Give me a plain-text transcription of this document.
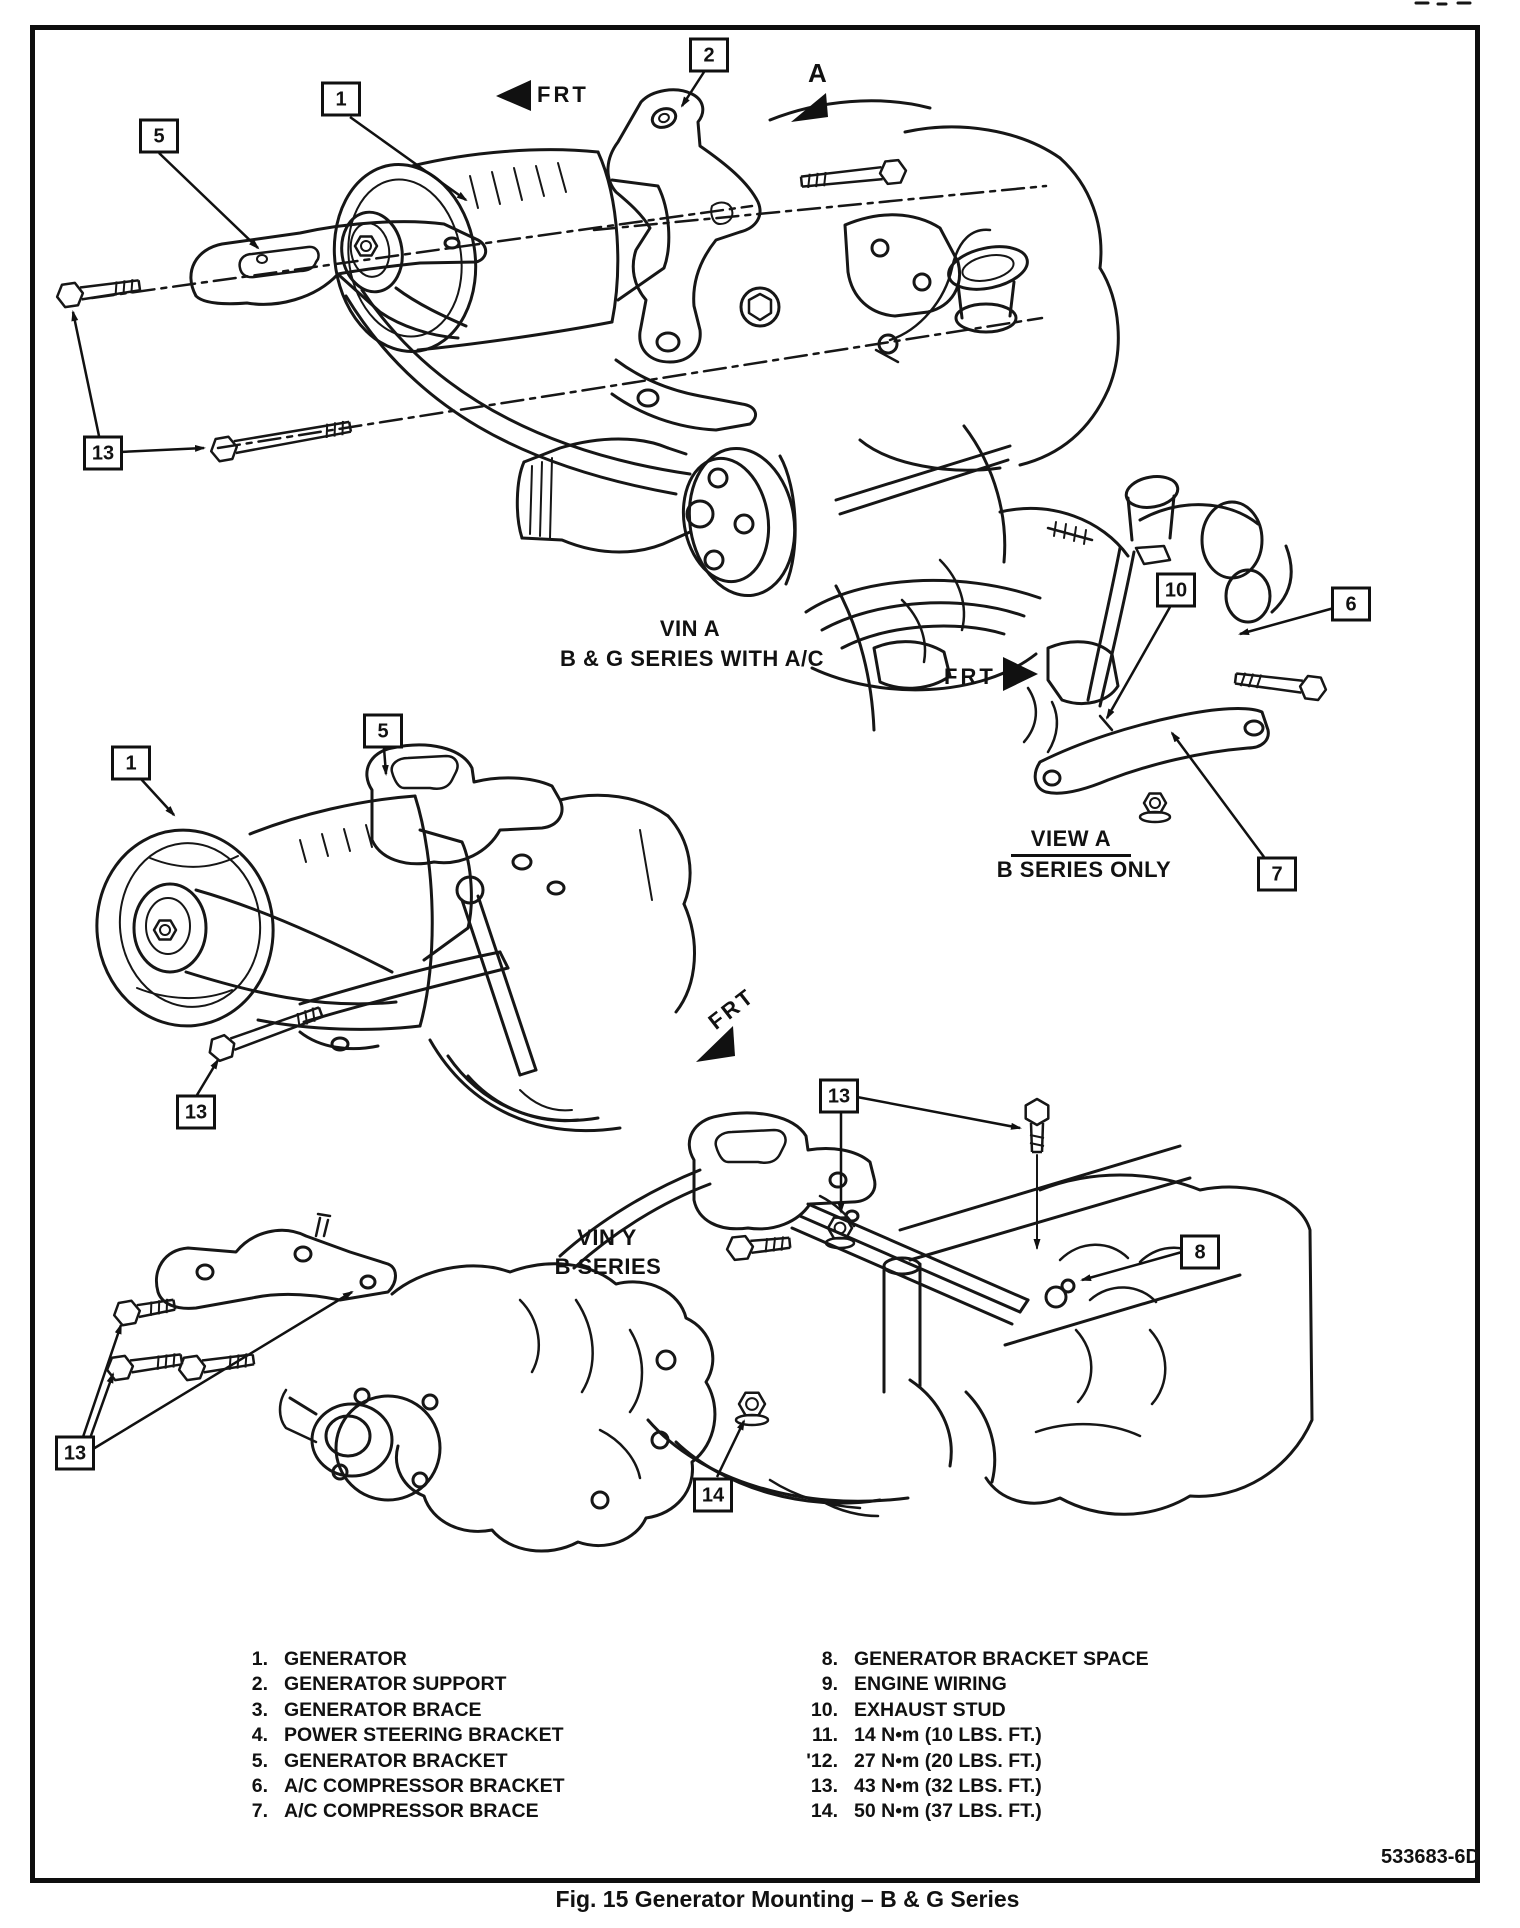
5
1
2
13
10
6
7
1
5
13
13
13
8
14
FRT
A
FRT
FRT
VIN A
B & G SERIES WITH A/C
VIEW A
B SERIES ONLY
VIN Y
B SERIES
1. GENERATOR
2. GENERATOR SUPPORT
3. GENERATOR BRACE
4. POWER STEERING BRACKET
5. GENERATOR BRACKET
6. A/C COMPRESSOR BRACKET
7. A/C COMPRESSOR BRACE
8. GENERATOR BRACKET SPACE
9. ENGINE WIRING
10. EXHAUST STUD
11. 14 N•m (10 LBS. FT.)
'12. 27 N•m (20 LBS. FT.)
13. 43 N•m (32 LBS. FT.)
14. 50 N•m (37 LBS. FT.)
533683-6D
Fig. 15 Generator Mounting – B & G Series
